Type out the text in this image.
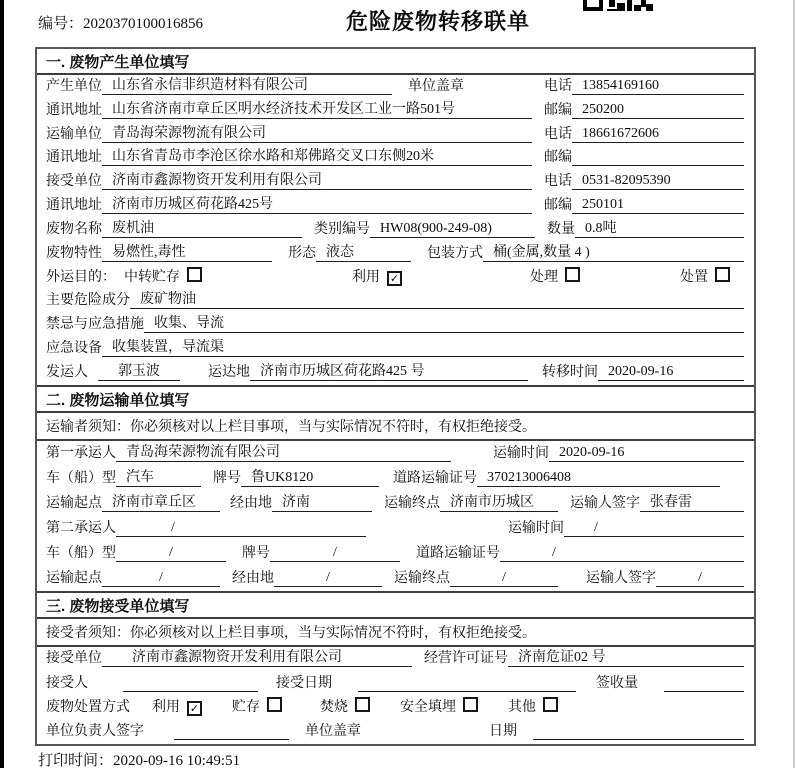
编号：2020370100016856	危险废物转移联单
一. 废物产生单位填写
产生单位 山东省永信非织造材料有限公司	单位盖章	电话 13854169160
通讯地址 山东省济南市章丘区明水经济技术开发区工业一路501号	邮编 250200
运输单位 青岛海荣源物流有限公司	电话 18661672606
通讯地址 山东省青岛市李沧区徐水路和郑佛路交叉口东侧20米	邮编
接受单位 济南市鑫源物资开发利用有限公司	电话 0531-82095390
通讯地址 济南市历城区荷花路425号	邮编 250101
废物名称 废机油	类别编号 HW08(900-249-08)	数量 0.8吨
废物特性 易燃性,毒性	形态 液态	包装方式 桶(金属,数量 4 )
外运目的： 中转贮存	利用 ✓	处理	处置
主要危险成分 废矿物油
禁忌与应急措施 收集、导流
应急设备 收集装置，导流渠
发运人	郭玉波	运达地 济南市历城区荷花路425 号	转移时间 2020-09-16
二. 废物运输单位填写
运输者须知：你必须核对以上栏目事项，当与实际情况不符时，有权拒绝接受。
第一承运人 青岛海荣源物流有限公司	运输时间 2020-09-16
车（船）型 汽车	牌号 鲁UK8120	道路运输证号 370213006408
运输起点 济南市章丘区	经由地 济南	运输终点 济南市历城区	运输人签字 张春雷
第二承运人	/	运输时间	/
车（船）型	/	牌号	/	道路运输证号	/
运输起点	/	经由地	/	运输终点	/	运输人签字	/
三. 废物接受单位填写
接受者须知：你必须核对以上栏目事项，当与实际情况不符时，有权拒绝接受。
接受单位	济南市鑫源物资开发利用有限公司	经营许可证号 济南危证02 号
接受人	接受日期	签收量
废物处置方式 利用 ✓ 贮存	焚烧	安全填埋	其他
单位负责人签字	单位盖章	日期
打印时间：2020-09-16 10:49:51
